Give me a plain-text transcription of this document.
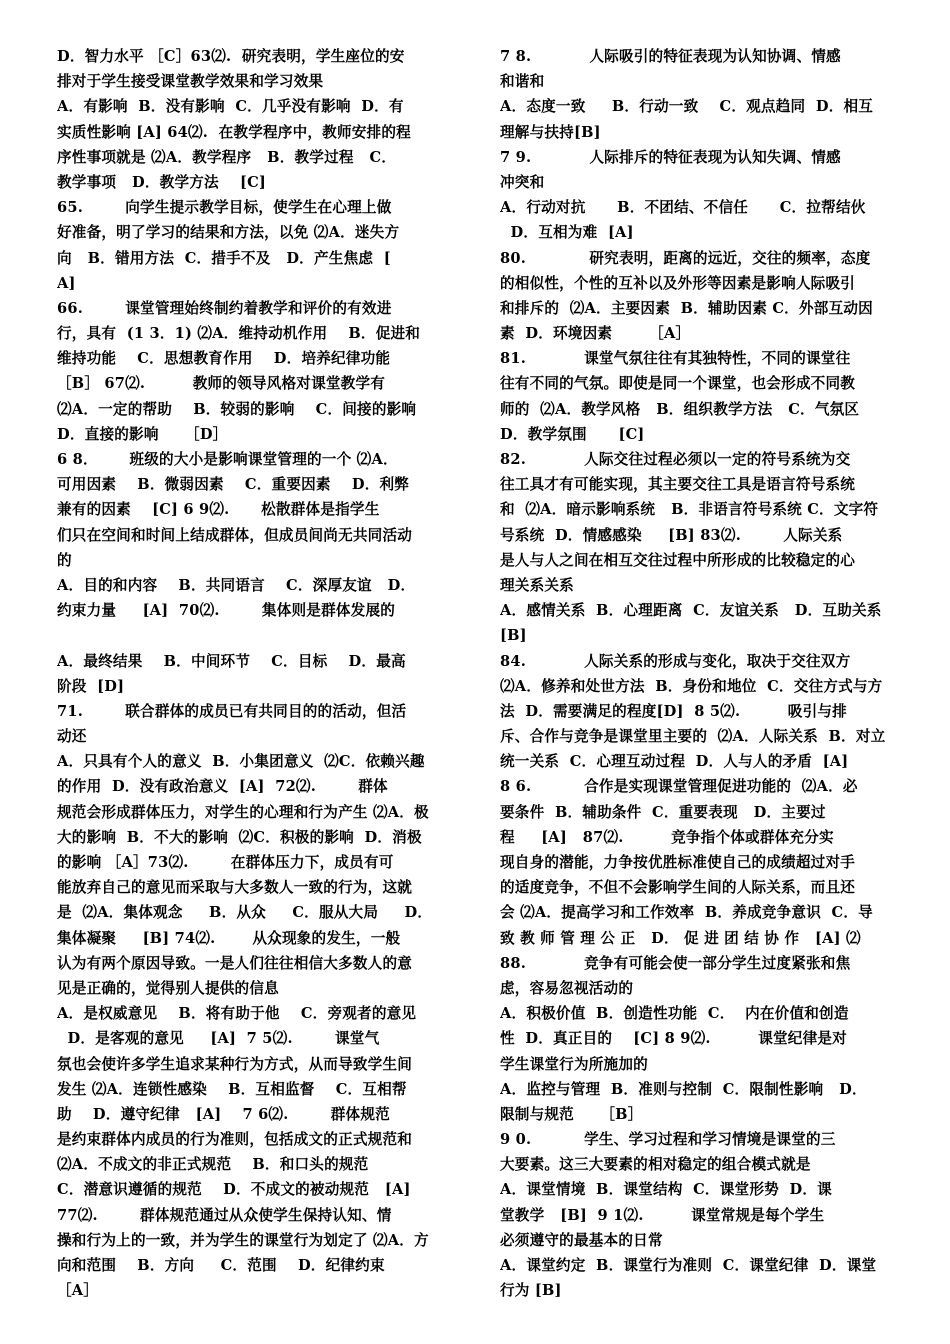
D．智力水平 ［C］63⑵.  研究表明，学生座位的安
排对于学生接受课堂教学效果和学习效果
A．有影响  B．没有影响  C．几乎没有影响  D．有
实质性影响 [A] 64⑵.  在教学程序中，教师安排的程
序性事项就是 ⑵A．教学程序   B．教学过程   C．
教学事项   D．教学方法    [C]
65.        向学生提示教学目标，使学生在心理上做
好准备，明了学习的结果和方法，以免 ⑵A．迷失方
向   B．错用方法  C．措手不及   D．产生焦虑  [
A]
66.        课堂管理始终制约着教学和评价的有效进
行，具有  (1 3．1) ⑵A．维持动机作用    B．促进和
维持功能    C．思想教育作用    D．培养纪律功能
［B］ 67⑵.         教师的领导风格对课堂教学有
⑵A．一定的帮助    B．较弱的影响    C．间接的影响
D．直接的影响     ［D］
6 8．      班级的大小是影响课堂管理的一个 ⑵A．
可用因素    B．微弱因素    C．重要因素    D．利弊
兼有的因素    [C] 6 9⑵.      松散群体是指学生
们只在空间和时间上结成群体，但成员间尚无共同活动
的
A．目的和内容    B．共同语言    C．深厚友谊   D．
约束力量     [A]  70⑵.        集体则是群体发展的
A．最终结果    B．中间环节    C．目标    D．最高
阶段  [D]
71.        联合群体的成员已有共同目的的活动，但活
动还
A．只具有个人的意义  B．小集团意义  ⑵C．依赖兴趣
的作用  D．没有政治意义  [A]  72⑵.        群体
规范会形成群体压力，对学生的心理和行为产生 ⑵A．极
大的影响  B．不大的影响  ⑵C．积极的影响  D．消极
的影响 ［A］73⑵.        在群体压力下，成员有可
能放弃自己的意见而采取与大多数人一致的行为，这就
是  ⑵A．集体观念     B．从众     C．服从大局     D．
集体凝聚     [B] 74⑵.       从众现象的发生，一般
认为有两个原因导致。一是人们往往相信大多数人的意
见是正确的，觉得别人提供的信息
A．是权威意见    B．将有助于他    C．旁观者的意见
D．是客观的意见     [A]  7 5⑵.        课堂气
氛也会使许多学生追求某种行为方式，从而导致学生间
发生 ⑵A．连锁性感染    B．互相监督    C．互相帮
助    D．遵守纪律   [A]    7 6⑵.        群体规范
是约束群体内成员的行为准则，包括成文的正式规范和
⑵A．不成文的非正式规范    B．和口头的规范
C．潜意识遵循的规范    D．不成文的被动规范   [A]
77⑵.        群体规范通过从众使学生保持认知、情
操和行为上的一致，并为学生的课堂行为划定了 ⑵A．方
向和范围    B．方向     C．范围    D．纪律约束
［A］
7 8.           人际吸引的特征表现为认知协调、情感
和谐和
A．态度一致     B．行动一致    C．观点趋同  D．相互
理解与扶持[B]
7 9.           人际排斥的特征表现为认知失调、情感
冲突和
A．行动对抗      B．不团结、不信任      C．拉帮结伙
D．互相为难  [A]
80.            研究表明，距离的远近，交往的频率，态度
的相似性，个性的互补以及外形等因素是影响人际吸引
和排斥的  ⑵A．主要因素  B．辅助因素 C．外部互动因
素  D．环境因素       ［A］
81.           课堂气氛往往有其独特性，不同的课堂往
往有不同的气氛。即使是同一个课堂，也会形成不同教
师的  ⑵A．教学风格   B．组织教学方法   C．气氛区
D．教学氛围      [C]
82.           人际交往过程必须以一定的符号系统为交
往工具才有可能实现，其主要交往工具是语言符号系统
和  ⑵A．暗示影响系统   B．非语言符号系统 C．文字符
号系统  D．情感感染     [B] 83⑵.        人际关系
是人与人之间在相互交往过程中所形成的比较稳定的心
理关系关系
A．感情关系  B．心理距离  C．友谊关系   D．互助关系
[B]
84.           人际关系的形成与变化，取决于交往双方
⑵A．修养和处世方法  B．身份和地位  C．交往方式与方
法  D．需要满足的程度[D]  8 5⑵.         吸引与排
斥、合作与竞争是课堂里主要的  ⑵A．人际关系  B．对立
统一关系  C．心理互动过程  D．人与人的矛盾  [A]
8 6.          合作是实现课堂管理促进功能的  ⑵A．必
要条件  B．辅助条件  C．重要表现   D．主要过
程     [A]   87⑵.         竞争指个体或群体充分实
现自身的潜能，力争按优胜标准使自己的成绩超过对手
的适度竞争，不但不会影响学生间的人际关系，而且还
会 ⑵A．提高学习和工作效率  B．养成竞争意识  C．导
致 教 师 管 理 公 正   D． 促 进 团 结 协 作   [A] ⑵
88.           竞争有可能会使一部分学生过度紧张和焦
虑，容易忽视活动的
A．积极价值  B．创造性功能  C．  内在价值和创造
性  D．真正目的    [C] 8 9⑵.         课堂纪律是对
学生课堂行为所施加的
A．监控与管理  B．准则与控制  C．限制性影响   D．
限制与规范     ［B］
9 0.          学生、学习过程和学习情境是课堂的三
大要素。这三大要素的相对稳定的组合模式就是
A．课堂情境  B．课堂结构  C．课堂形势  D．课
堂教学   [B]  9 1⑵.         课堂常规是每个学生
必须遵守的最基本的日常
A．课堂约定  B．课堂行为准则  C．课堂纪律  D．课堂
行为 [B]
